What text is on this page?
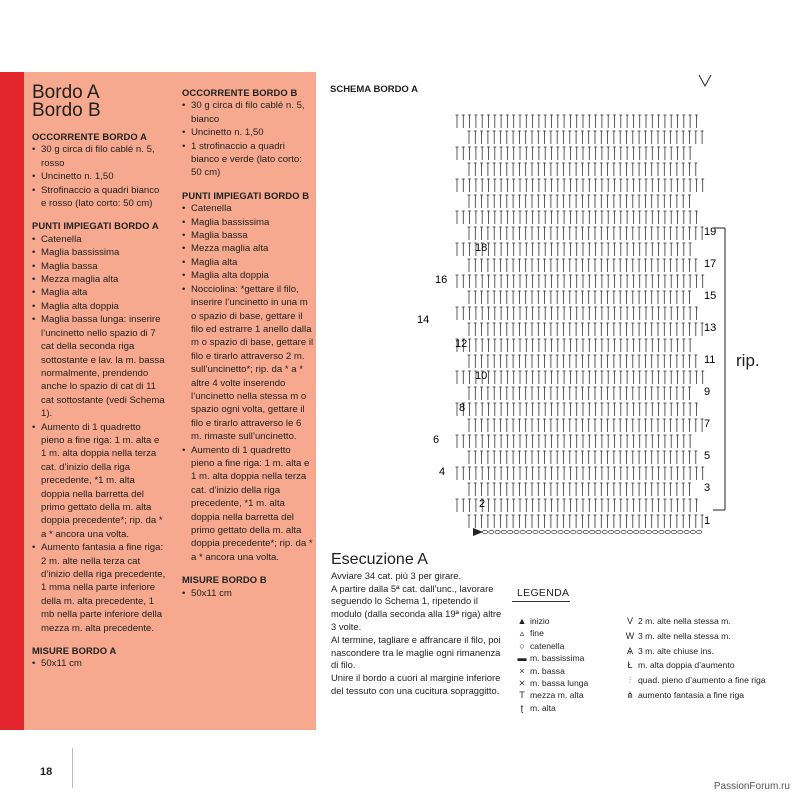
Bordo A
Bordo B
OCCORRENTE BORDO A
• 30 g circa di filo cablé n. 5, rosso
• Uncinetto n. 1,50
• Strofinaccio a quadri bianco e rosso (lato corto: 50 cm)
PUNTI IMPIEGATI BORDO A
• Catenella
• Maglia bassissima
• Maglia bassa
• Mezza maglia alta
• Maglia alta
• Maglia alta doppia
• Maglia bassa lunga: inserire l’uncinetto nello spazio di 7 cat della seconda riga sottostante e lav. la m. bassa normalmente, prendendo anche lo spazio di cat di 11 cat sottostante (vedi Schema 1).
• Aumento di 1 quadretto pieno a fine riga: 1 m. alta e 1 m. alta doppia nella terza cat. d’inizio della riga precedente, *1 m. alta doppia nella barretta del primo gettato della m. alta doppia precedente*; rip. da * a * ancora una volta.
• Aumento fantasia a fine riga: 2 m. alte nella terza cat d’inizio della riga precedente, 1 mma nella parte inferiore della m. alta precedente, 1 mb nella parte inferiore della mezza m. alta precedente.
MISURE BORDO A
• 50x11 cm
OCCORRENTE BORDO B
• 30 g circa di filo cablé n. 5, bianco
• Uncinetto n. 1,50
• 1 strofinaccio a quadri bianco e verde (lato corto: 50 cm)
PUNTI IMPIEGATI BORDO B
• Catenella
• Maglia bassissima
• Maglia bassa
• Mezza maglia alta
• Maglia alta
• Maglia alta doppia
• Nocciolina: *gettare il filo, inserire l’uncinetto in una m o spazio di base, gettare il filo ed estrarre 1 anello dalla m o spazio di base, gettare il filo e tirarlo attraverso 2 m. sull’uncinetto*; rip. da * a * altre 4 volte inserendo l’uncinetto nella stessa m o spazio ogni volta, gettare il filo e tirarlo attraverso le 6 m. rimaste sull’uncinetto.
• Aumento di 1 quadretto pieno a fine riga: 1 m. alta e 1 m. alta doppia nella terza cat. d’inizio della riga precedente, *1 m. alta doppia nella barretta del primo gettato della m. alta doppia precedente*; rip. da * a * ancora una volta.
MISURE BORDO B
• 50x11 cm
SCHEMA BORDO A
2
4
6
8
10
12
14
16
18
1
3
5
7
9
11
13
15
17
19
rip.
Esecuzione A

Avviare 34 cat. più 3 per girare.

A partire dalla 5ª cat. dall’unc., lavorare seguendo lo Schema 1, ripetendo il modulo (dalla seconda alla 19ª riga) altre 3 volte.

Al termine, tagliare e affrancare il filo, poi nascondere tra le maglie ogni rimanenza di filo.

Unire il bordo a cuori al margine inferiore del tessuto con una cucitura sopraggitto.

LEGENDA
▲ inizio
▵ fine
○ catenella
▬ m. bassissima
× m. bassa
⨯ m. bassa lunga
T mezza m. alta
ʈ m. alta
V 2 m. alte nella stessa m.
W 3 m. alte nella stessa m.
Ѧ 3 m. alte chiuse ins.
Ł m. alta doppia d’aumento
⫶ quad. pieno d’aumento a fine riga
⋔ aumento fantasia a fine riga
18
PassionForum.ru
